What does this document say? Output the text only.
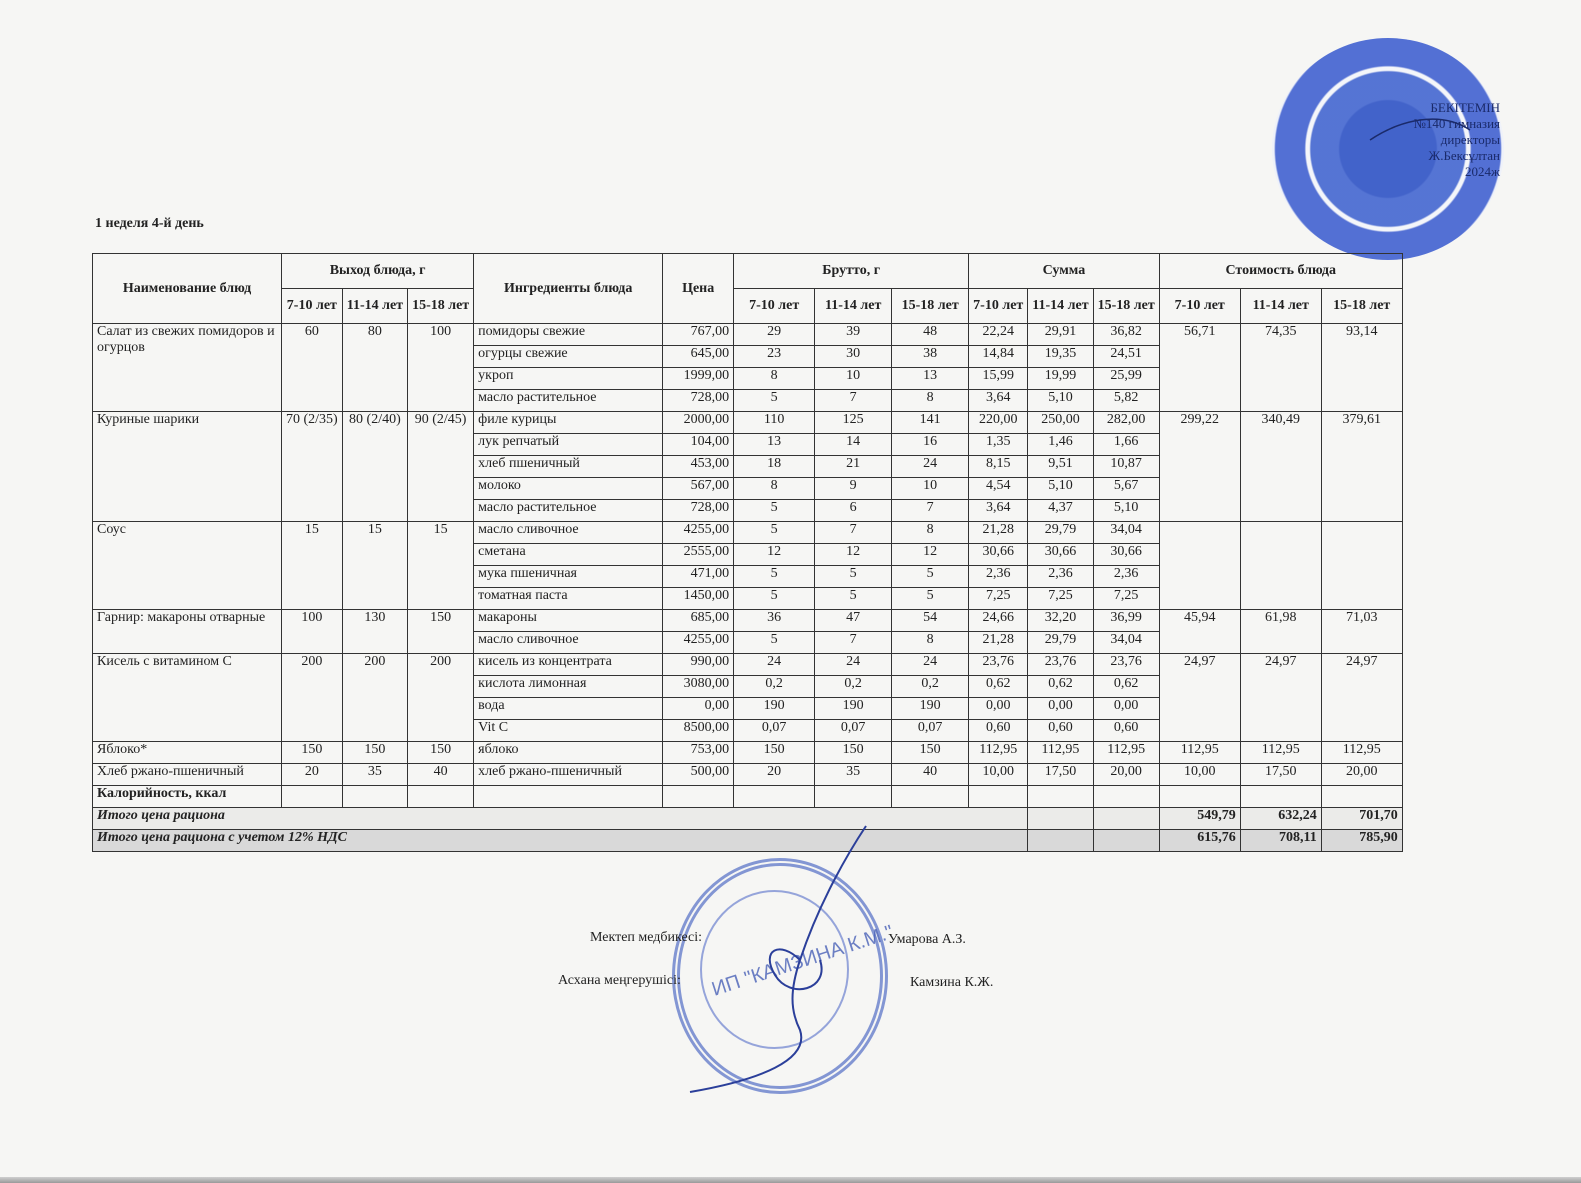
БЕКІТЕМІН
№140 гимназия директоры
Ж.Бексұлтан
2024ж
1 неделя 4-й день
Наименование блюд	Выход блюда, г			Ингредиенты блюда	Цена	Брутто, г			Сумма			Стоимость блюда		
	7-10 лет	11-14 лет	15-18 лет			7-10 лет	11-14 лет	15-18 лет	7-10 лет	11-14 лет	15-18 лет	7-10 лет	11-14 лет	15-18 лет
Салат из свежих помидоров и огурцов	60	80	100	помидоры свежие	767,00	29	39	48	22,24	29,91	36,82	56,71	74,35	93,14
				огурцы свежие	645,00	23	30	38	14,84	19,35	24,51			
				укроп	1999,00	8	10	13	15,99	19,99	25,99			
				масло растительное	728,00	5	7	8	3,64	5,10	5,82			
Куриные шарики	70 (2/35)	80 (2/40)	90 (2/45)	филе курицы	2000,00	110	125	141	220,00	250,00	282,00	299,22	340,49	379,61
				лук репчатый	104,00	13	14	16	1,35	1,46	1,66			
				хлеб пшеничный	453,00	18	21	24	8,15	9,51	10,87			
				молоко	567,00	8	9	10	4,54	5,10	5,67			
				масло растительное	728,00	5	6	7	3,64	4,37	5,10			
Соус	15	15	15	масло сливочное	4255,00	5	7	8	21,28	29,79	34,04			
				сметана	2555,00	12	12	12	30,66	30,66	30,66			
				мука пшеничная	471,00	5	5	5	2,36	2,36	2,36			
				томатная паста	1450,00	5	5	5	7,25	7,25	7,25			
Гарнир: макароны отварные	100	130	150	макароны	685,00	36	47	54	24,66	32,20	36,99	45,94	61,98	71,03
				масло сливочное	4255,00	5	7	8	21,28	29,79	34,04			
Кисель с витамином С	200	200	200	кисель из концентрата	990,00	24	24	24	23,76	23,76	23,76	24,97	24,97	24,97
				кислота лимонная	3080,00	0,2	0,2	0,2	0,62	0,62	0,62			
				вода	0,00	190	190	190	0,00	0,00	0,00			
				Vit C	8500,00	0,07	0,07	0,07	0,60	0,60	0,60			
Яблоко*	150	150	150	яблоко	753,00	150	150	150	112,95	112,95	112,95	112,95	112,95	112,95
Хлеб ржано-пшеничный	20	35	40	хлеб ржано-пшеничный	500,00	20	35	40	10,00	17,50	20,00	10,00	17,50	20,00
Калорийность, ккал														
Итого цена рациона												549,79	632,24	701,70
Итого цена рациона с учетом 12% НДС												615,76	708,11	785,90
ИП "КАМЗИНА К.М."
Мектеп медбикесі:	Умарова А.З.
Асхана меңгерушісі:	Камзина К.Ж.
